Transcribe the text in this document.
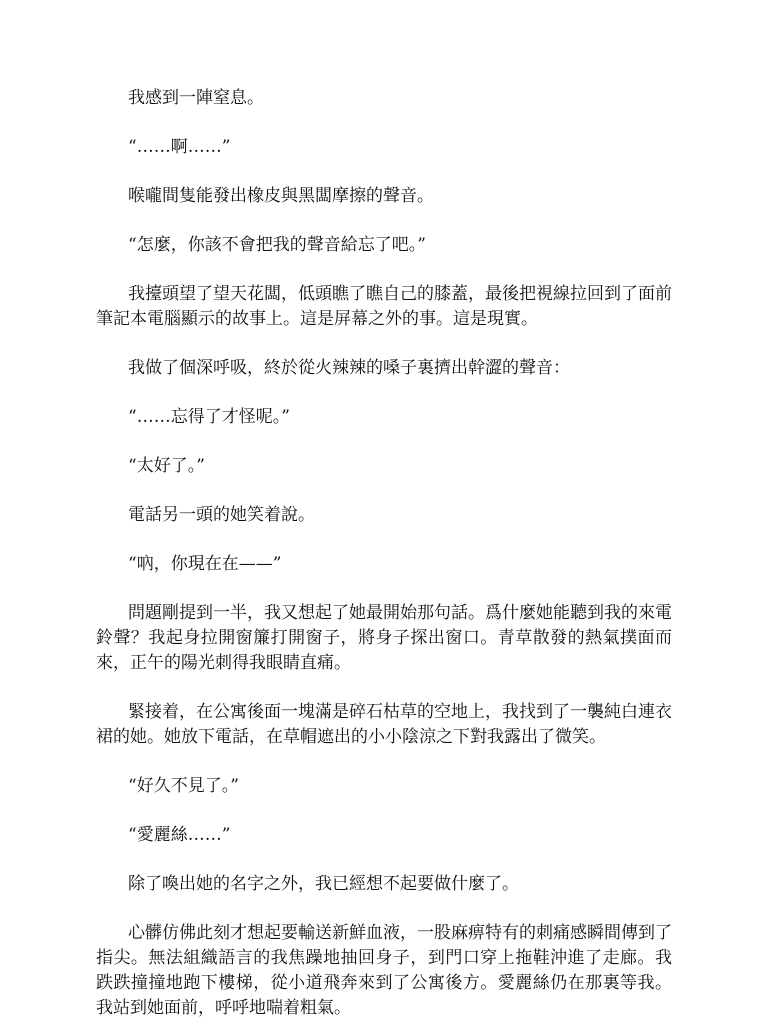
我感到一陣窒息。

“……啊……”

喉嚨間隻能發出橡皮與黑闆摩擦的聲音。

“怎麼，你該不會把我的聲音給忘了吧。”

我擡頭望了望天花闆，低頭瞧了瞧自己的膝蓋，最後把視線拉回到了面前筆記本電腦顯示的故事上。這是屏幕之外的事。這是現實。

我做了個深呼吸，終於從火辣辣的嗓子裏擠出幹澀的聲音：

“……忘得了才怪呢。”

“太好了。”

電話另一頭的她笑着說。

“吶，你現在在——”

問題剛提到一半，我又想起了她最開始那句話。爲什麼她能聽到我的來電鈴聲？我起身拉開窗簾打開窗子，將身子探出窗口。青草散發的熱氣撲面而來，正午的陽光刺得我眼睛直痛。

緊接着，在公寓後面一塊滿是碎石枯草的空地上，我找到了一襲純白連衣裙的她。她放下電話，在草帽遮出的小小陰涼之下對我露出了微笑。

“好久不見了。”

“愛麗絲……”

除了喚出她的名字之外，我已經想不起要做什麼了。

心髒仿佛此刻才想起要輸送新鮮血液，一股麻痹特有的刺痛感瞬間傳到了指尖。無法組織語言的我焦躁地抽回身子，到門口穿上拖鞋沖進了走廊。我跌跌撞撞地跑下樓梯，從小道飛奔來到了公寓後方。愛麗絲仍在那裏等我。我站到她面前，呼呼地喘着粗氣。
